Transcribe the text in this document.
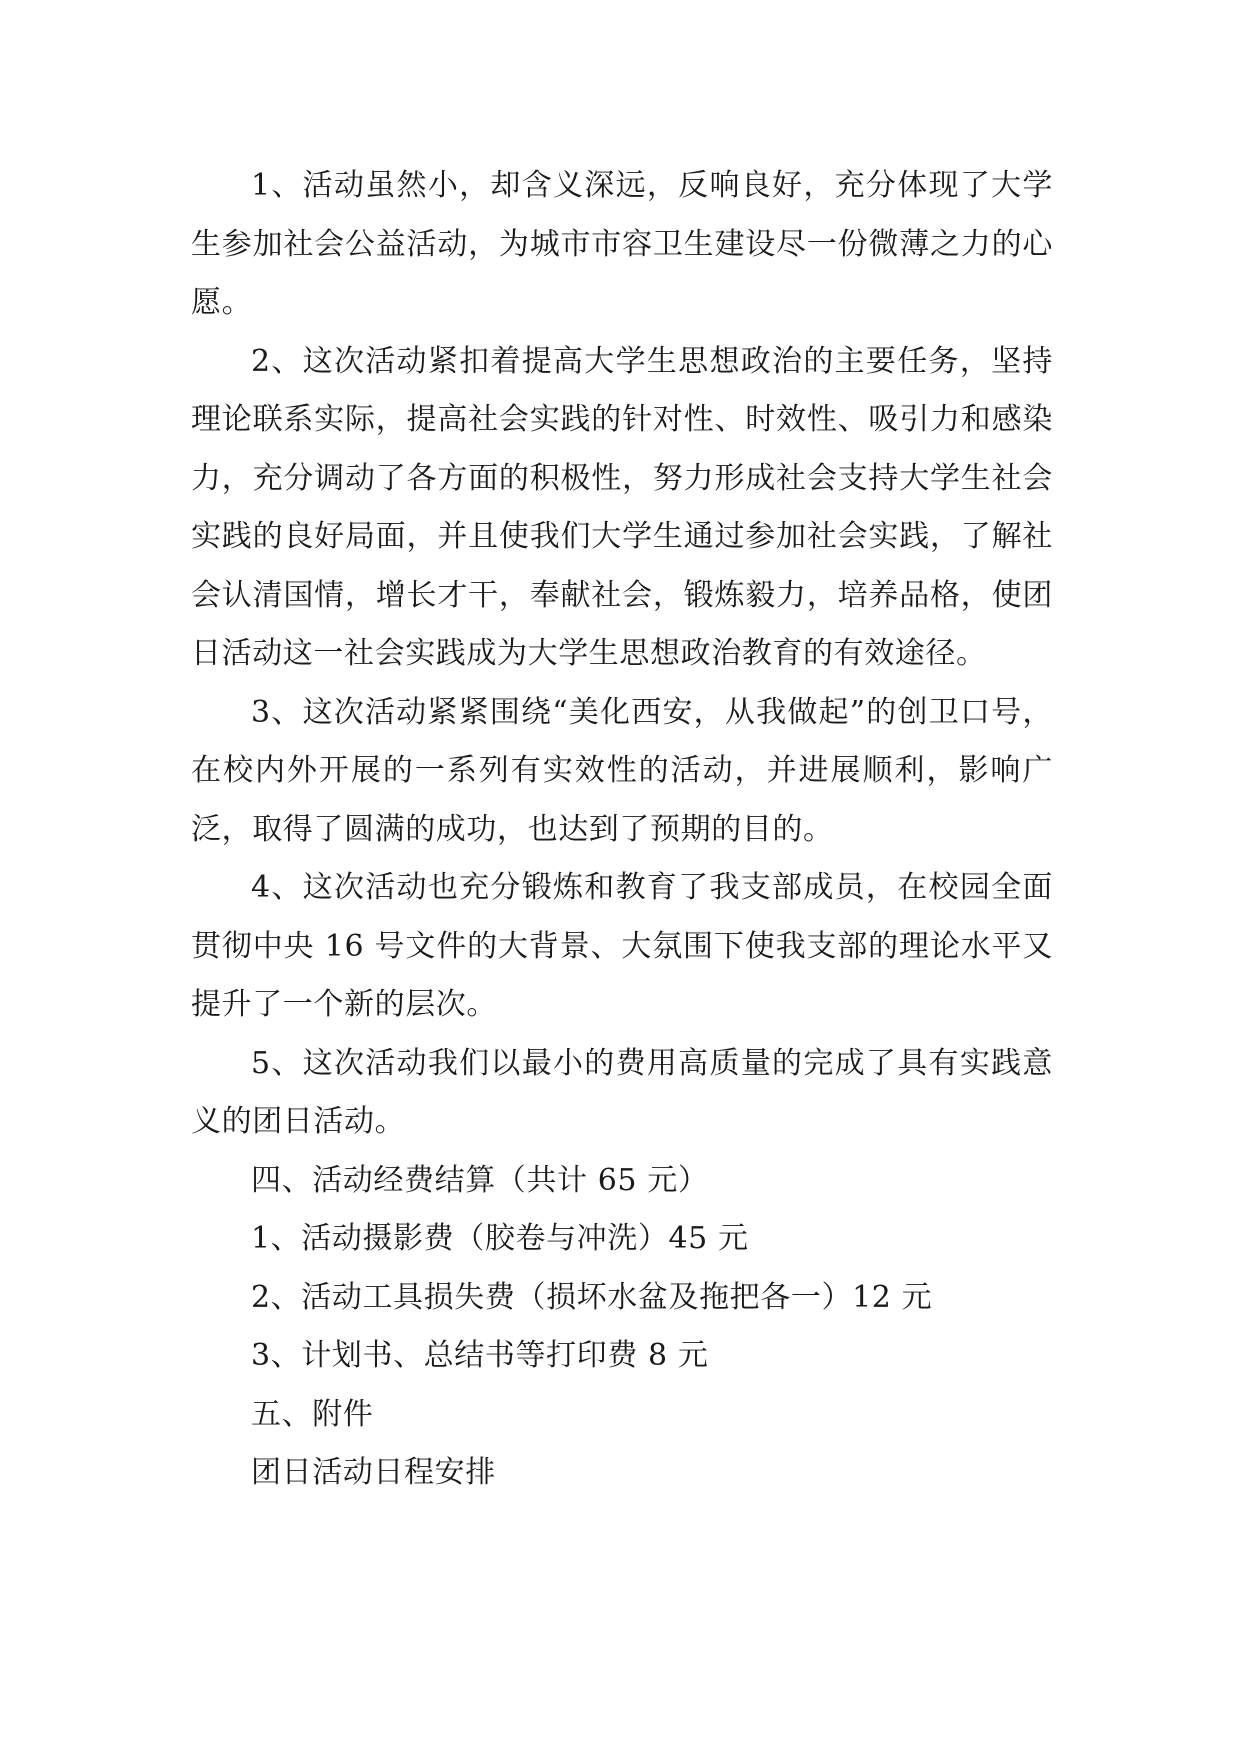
1、活动虽然小，却含义深远，反响良好，充分体现了大学生参加社会公益活动，为城市市容卫生建设尽一份微薄之力的心愿。

2、这次活动紧扣着提高大学生思想政治的主要任务，坚持理论联系实际，提高社会实践的针对性、时效性、吸引力和感染力，充分调动了各方面的积极性，努力形成社会支持大学生社会实践的良好局面，并且使我们大学生通过参加社会实践，了解社会认清国情，增长才干，奉献社会，锻炼毅力，培养品格，使团日活动这一社会实践成为大学生思想政治教育的有效途径。

3、这次活动紧紧围绕“美化西安，从我做起”的创卫口号，在校内外开展的一系列有实效性的活动，并进展顺利，影响广泛，取得了圆满的成功，也达到了预期的目的。

4、这次活动也充分锻炼和教育了我支部成员，在校园全面贯彻中央 16 号文件的大背景、大氛围下使我支部的理论水平又提升了一个新的层次。

5、这次活动我们以最小的费用高质量的完成了具有实践意义的团日活动。

四、活动经费结算（共计 65 元）

1、活动摄影费（胶卷与冲洗）45 元

2、活动工具损失费（损坏水盆及拖把各一）12 元

3、计划书、总结书等打印费 8 元

五、附件

团日活动日程安排
